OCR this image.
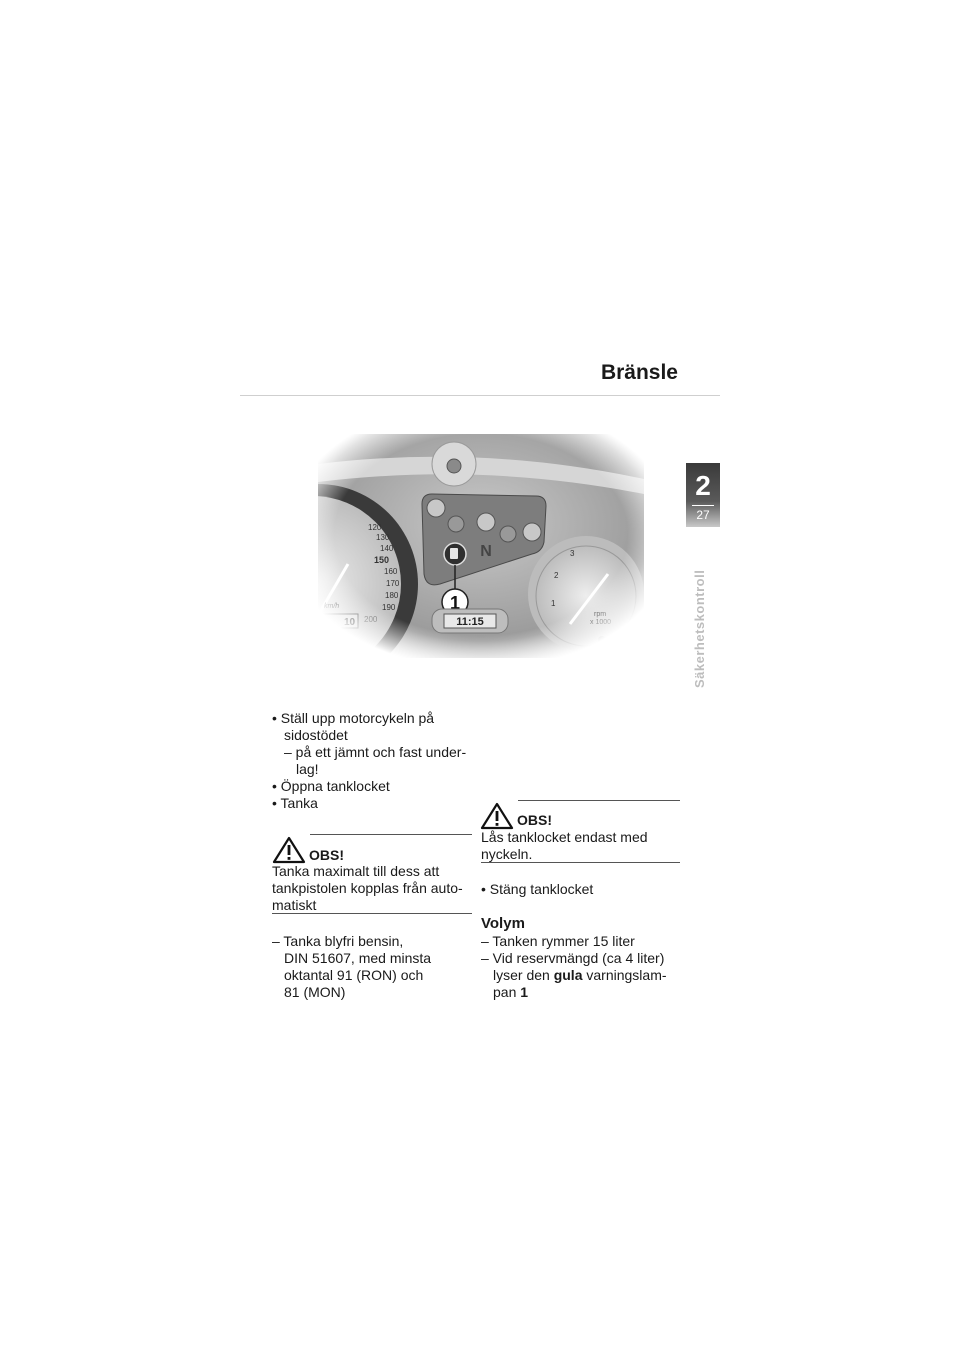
Bränsle
2
27
Säkerhetskontroll
• Ställ upp motorcykeln på
sidostödet
– på ett jämnt och fast under-
lag!
• Öppna tanklocket
• Tanka
OBS!
Tanka maximalt till dess att
tankpistolen kopplas från auto-
matiskt
– Tanka blyfri bensin,
DIN 51607, med minsta
oktantal 91 (RON) och
81 (MON)
OBS!
Lås tanklocket endast med
nyckeln.
• Stäng tanklocket
Volym
– Tanken rymmer 15 liter
– Vid reservmängd (ca 4 liter)
lyser den gula varningslam-
pan 1
